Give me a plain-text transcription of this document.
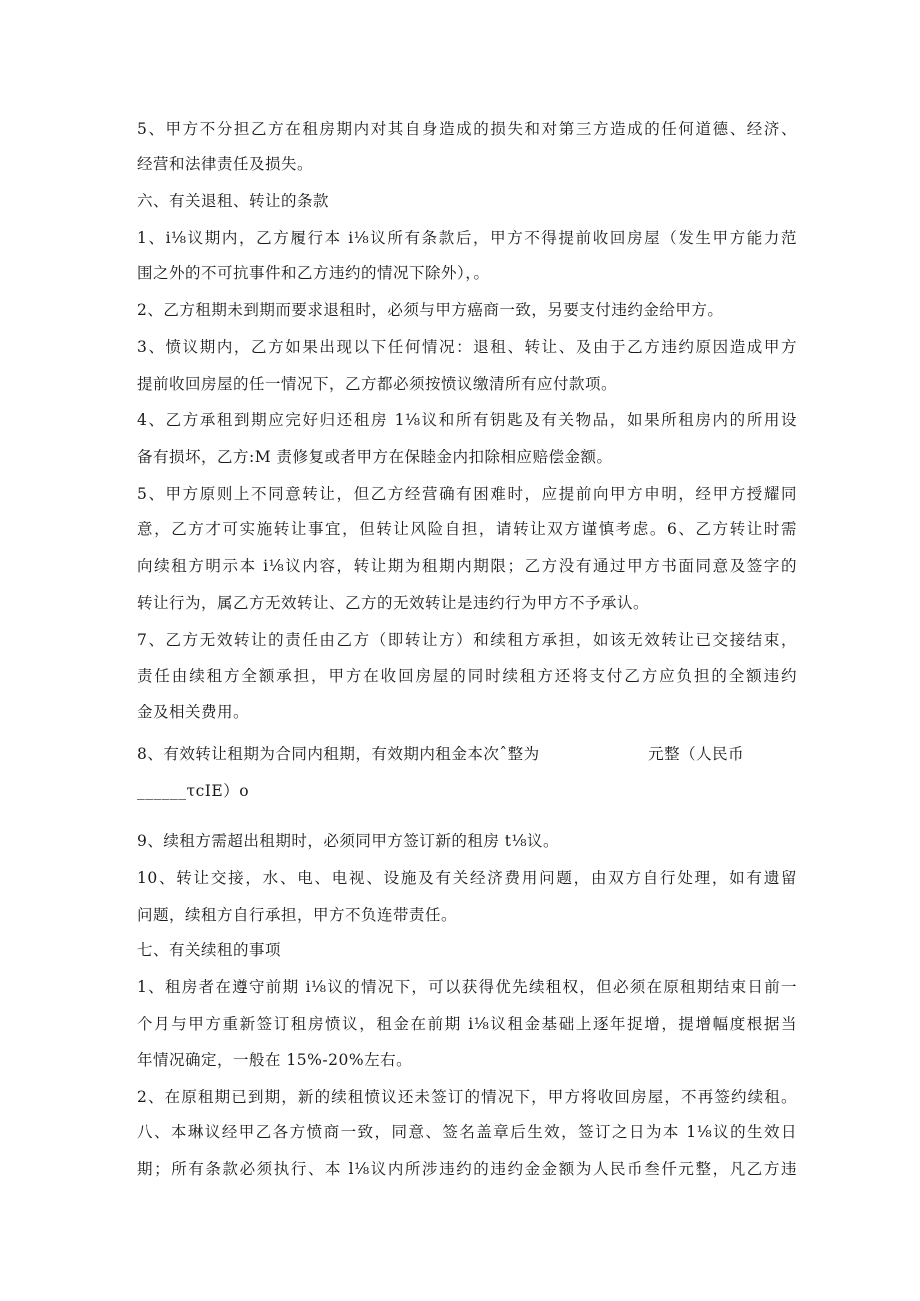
5、甲方不分担乙方在租房期内对其自身造成的损失和对第三方造成的任何道德、经济、
经营和法律责任及损失。
六、有关退租、转让的条款
1、i⅛议期内，乙方履行本 i⅛议所有条款后，甲方不得提前收回房屋（发生甲方能力范
围之外的不可抗事件和乙方违约的情况下除外），。
2、乙方租期未到期而要求退租时，必须与甲方癌商一致，另要支付违约金给甲方。
3、愤议期内，乙方如果出现以下任何情况：退租、转让、及由于乙方违约原因造成甲方
提前收回房屋的任一情况下，乙方都必须按愤议缴清所有应付款项。
4、乙方承租到期应完好归还租房 1⅛议和所有钥匙及有关物品，如果所租房内的所用设
备有损坏，乙方:M 责修复或者甲方在保睦金内扣除相应赔偿金额。
5、甲方原则上不同意转让，但乙方经营确有困难时，应提前向甲方申明，经甲方授耀同
意，乙方才可实施转让事宜，但转让风险自担，请转让双方谨慎考虑。6、乙方转让时需
向续租方明示本 i⅛议内容，转让期为租期内期限；乙方没有通过甲方书面同意及签字的
转让行为，属乙方无效转让、乙方的无效转让是违约行为甲方不予承认。
7、乙方无效转让的责任由乙方（即转让方）和续租方承担，如该无效转让已交接结束，
责任由续租方全额承担，甲方在收回房屋的同时续租方还将支付乙方应负担的全额违约
金及相关费用。
8、有效转让租期为合同内租期，有效期内租金本次ˆ整为                    元整（人民币
______τcIE）o
9、续租方需超出租期时，必须同甲方签订新的租房 t⅛议。
10、转让交接，水、电、电视、设施及有关经济费用问题，由双方自行处理，如有遗留
问题，续租方自行承担，甲方不负连带责任。
七、有关续租的事项
1、租房者在遵守前期 i⅛议的情况下，可以获得优先续租权，但必须在原租期结束日前一
个月与甲方重新签订租房愤议，租金在前期 i⅛议租金基础上逐年捉增，提增幅度根据当
年情况确定，一般在 15%-20%左右。
2、在原租期已到期，新的续租愤议还未签订的情况下，甲方将收回房屋，不再签约续租。
八、本琳议经甲乙各方愤商一致，同意、签名盖章后生效，签订之日为本 1⅛议的生效日
期；所有条款必须执行、本 l⅛议内所涉违约的违约金金额为人民币叁仟元整，凡乙方违
